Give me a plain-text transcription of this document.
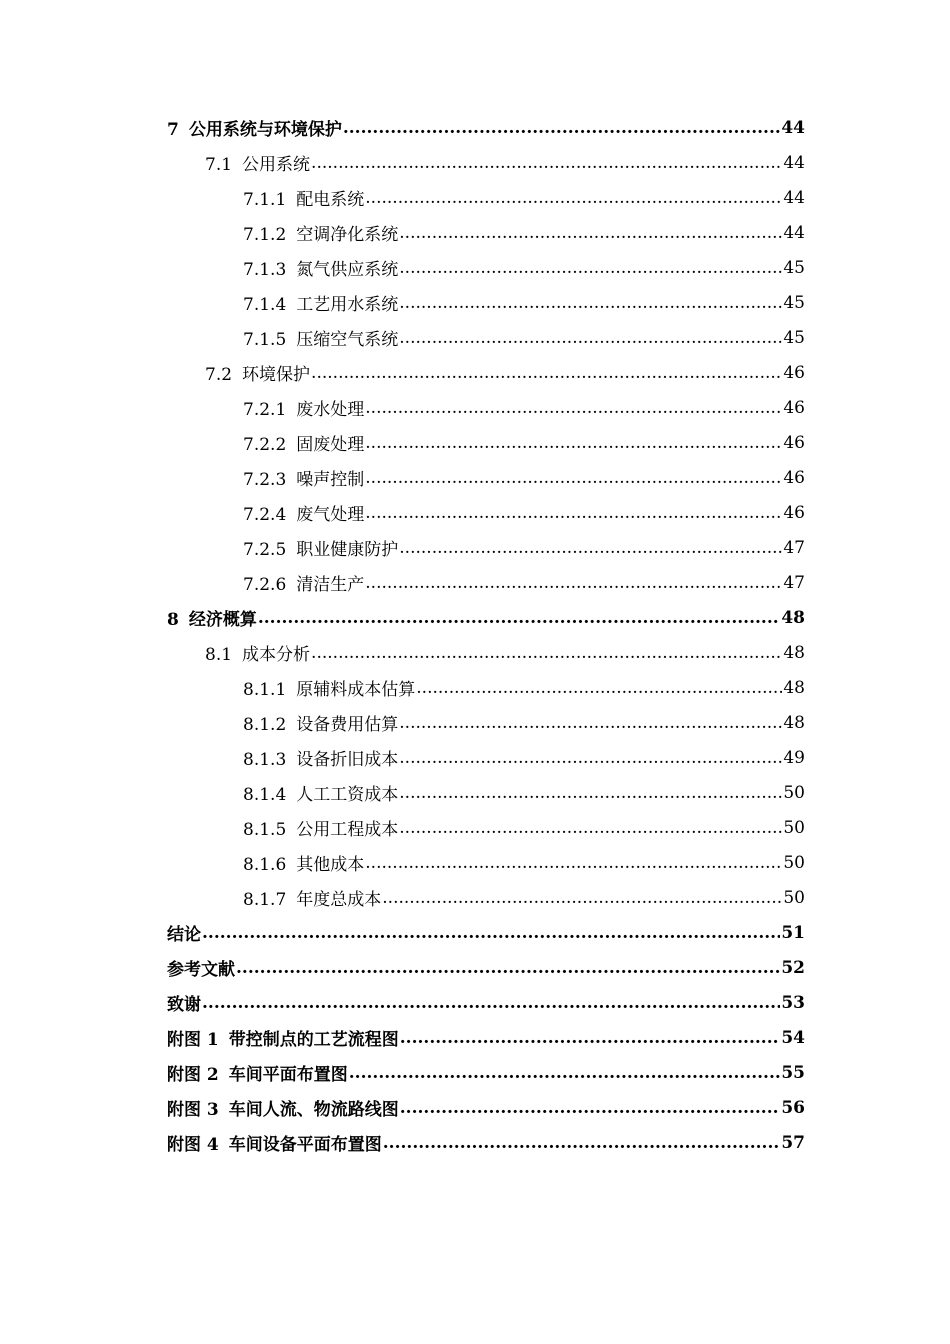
7 公用系统与环境保护 .....	44
7.1 公用系统 .....	44
7.1.1 配电系统 .....	44
7.1.2 空调净化系统 .....	44
7.1.3 氮气供应系统 .....	45
7.1.4 工艺用水系统 .....	45
7.1.5 压缩空气系统 .....	45
7.2 环境保护 .....	46
7.2.1 废水处理 .....	46
7.2.2 固废处理 .....	46
7.2.3 噪声控制 .....	46
7.2.4 废气处理 .....	46
7.2.5 职业健康防护 .....	47
7.2.6 清洁生产 .....	47
8 经济概算 .....	48
8.1 成本分析 .....	48
8.1.1 原辅料成本估算 .....	48
8.1.2 设备费用估算 .....	48
8.1.3 设备折旧成本 .....	49
8.1.4 人工工资成本 .....	50
8.1.5 公用工程成本 .....	50
8.1.6 其他成本 .....	50
8.1.7 年度总成本 .....	50
结论 .....	51
参考文献 .....	52
致谢 .....	53
附图 1 带控制点的工艺流程图 .....	54
附图 2 车间平面布置图 .....	55
附图 3 车间人流、物流路线图 .....	56
附图 4 车间设备平面布置图 .....	57
